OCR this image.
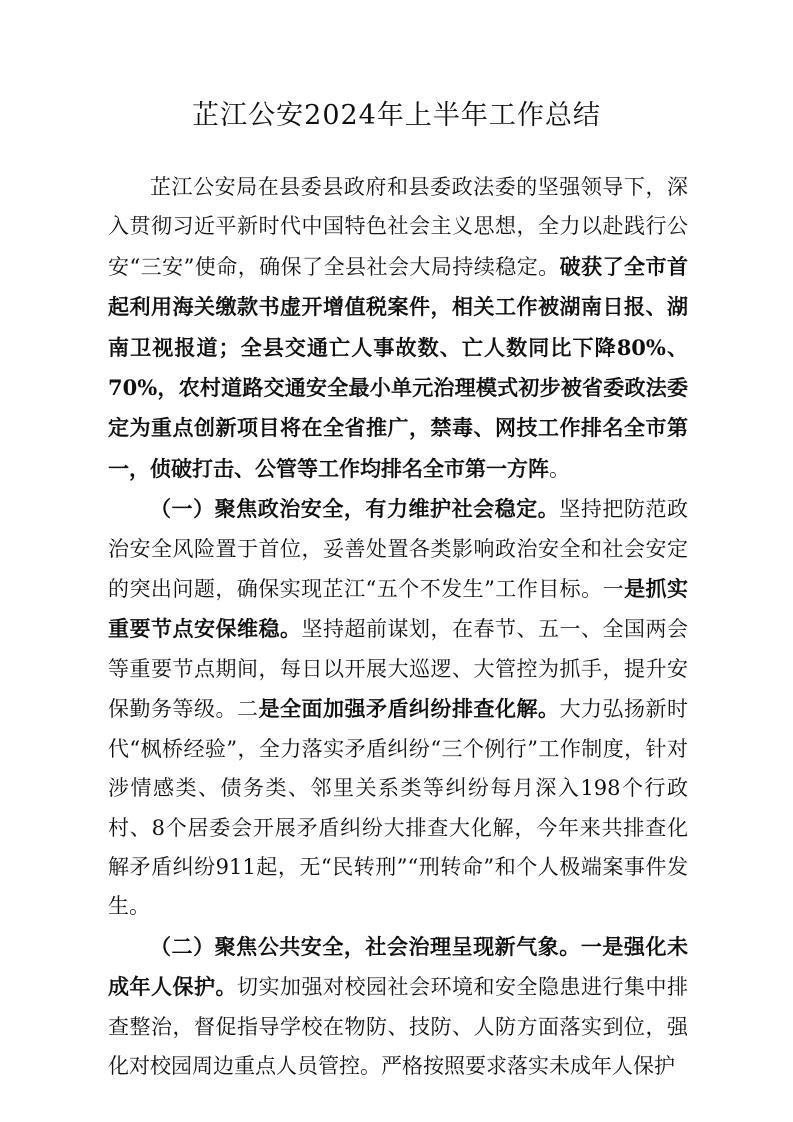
芷江公安2024年上半年工作总结

芷江公安局在县委县政府和县委政法委的坚强领导下，深入贯彻习近平新时代中国特色社会主义思想，全力以赴践行公安“三安”使命，确保了全县社会大局持续稳定。破获了全市首起利用海关缴款书虚开增值税案件，相关工作被湖南日报、湖南卫视报道；全县交通亡人事故数、亡人数同比下降80%、70%，农村道路交通安全最小单元治理模式初步被省委政法委定为重点创新项目将在全省推广，禁毒、网技工作排名全市第一，侦破打击、公管等工作均排名全市第一方阵。

（一）聚焦政治安全，有力维护社会稳定。坚持把防范政治安全风险置于首位，妥善处置各类影响政治安全和社会安定的突出问题，确保实现芷江“五个不发生”工作目标。一是抓实重要节点安保维稳。坚持超前谋划，在春节、五一、全国两会等重要节点期间，每日以开展大巡逻、大管控为抓手，提升安保勤务等级。二是全面加强矛盾纠纷排查化解。大力弘扬新时代“枫桥经验”，全力落实矛盾纠纷“三个例行”工作制度，针对涉情感类、债务类、邻里关系类等纠纷每月深入198个行政村、8个居委会开展矛盾纠纷大排查大化解，今年来共排查化解矛盾纠纷911起，无“民转刑”“刑转命”和个人极端案事件发生。

（二）聚焦公共安全，社会治理呈现新气象。一是强化未成年人保护。切实加强对校园社会环境和安全隐患进行集中排查整治，督促指导学校在物防、技防、人防方面落实到位，强化对校园周边重点人员管控。严格按照要求落实未成年人保护
